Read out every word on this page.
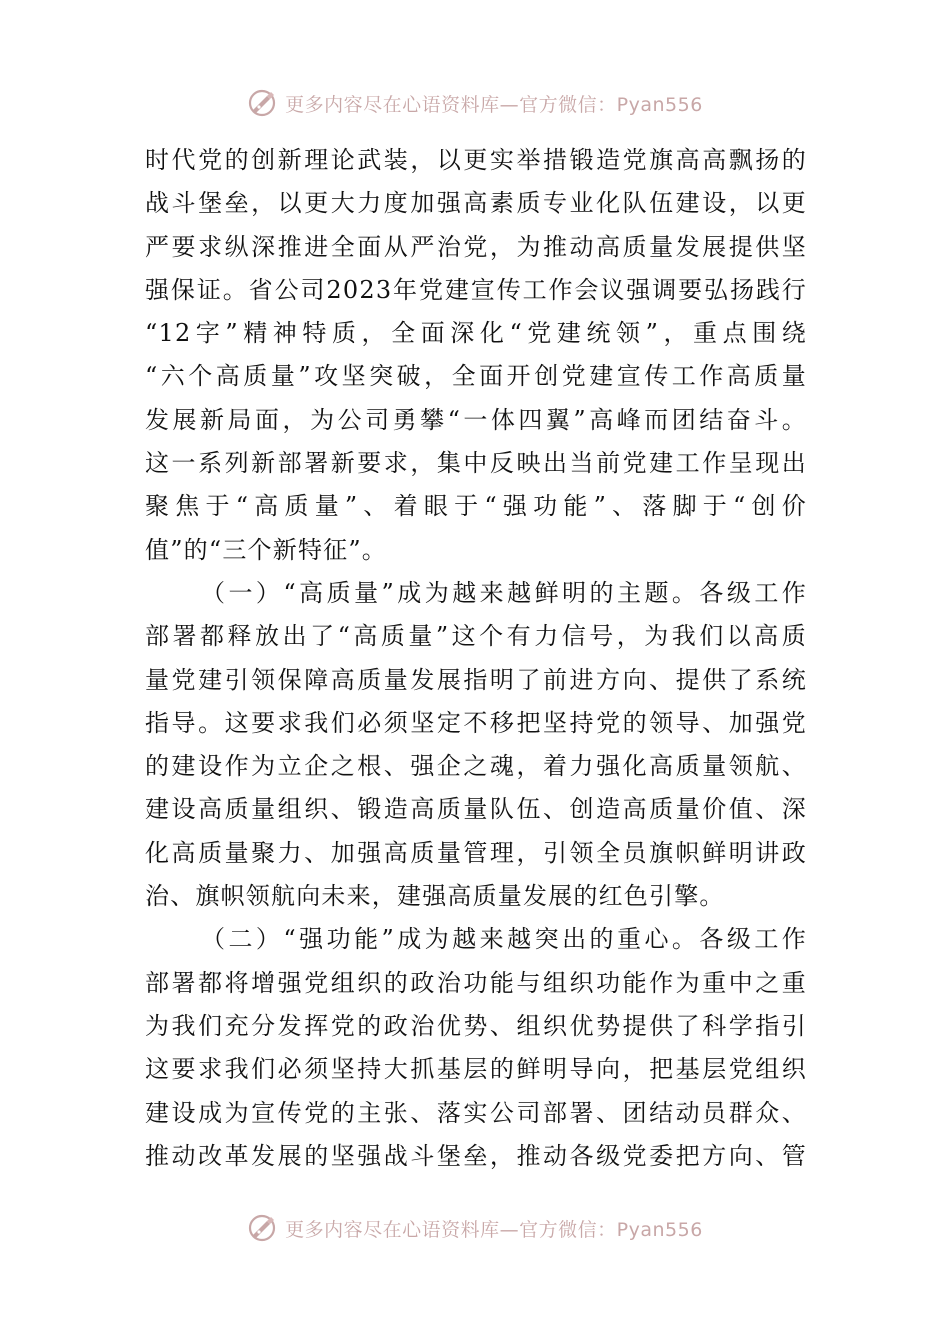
更多内容尽在心语资料库—官方微信：Pyan556
时代党的创新理论武装，以更实举措锻造党旗高高飘扬的
战斗堡垒，以更大力度加强高素质专业化队伍建设，以更
严要求纵深推进全面从严治党，为推动高质量发展提供坚
强保证。省公司2023年党建宣传工作会议强调要弘扬践行
“12字”精神特质，全面深化“党建统领”，重点围绕
“六个高质量”攻坚突破，全面开创党建宣传工作高质量
发展新局面，为公司勇攀“一体四翼”高峰而团结奋斗。
这一系列新部署新要求，集中反映出当前党建工作呈现出
聚焦于“高质量”、着眼于“强功能”、落脚于“创价
值”的“三个新特征”。
（一）“高质量”成为越来越鲜明的主题。各级工作
部署都释放出了“高质量”这个有力信号，为我们以高质
量党建引领保障高质量发展指明了前进方向、提供了系统
指导。这要求我们必须坚定不移把坚持党的领导、加强党
的建设作为立企之根、强企之魂，着力强化高质量领航、
建设高质量组织、锻造高质量队伍、创造高质量价值、深
化高质量聚力、加强高质量管理，引领全员旗帜鲜明讲政
治、旗帜领航向未来，建强高质量发展的红色引擎。
（二）“强功能”成为越来越突出的重心。各级工作
部署都将增强党组织的政治功能与组织功能作为重中之重
为我们充分发挥党的政治优势、组织优势提供了科学指引
这要求我们必须坚持大抓基层的鲜明导向，把基层党组织
建设成为宣传党的主张、落实公司部署、团结动员群众、
推动改革发展的坚强战斗堡垒，推动各级党委把方向、管
更多内容尽在心语资料库—官方微信：Pyan556
